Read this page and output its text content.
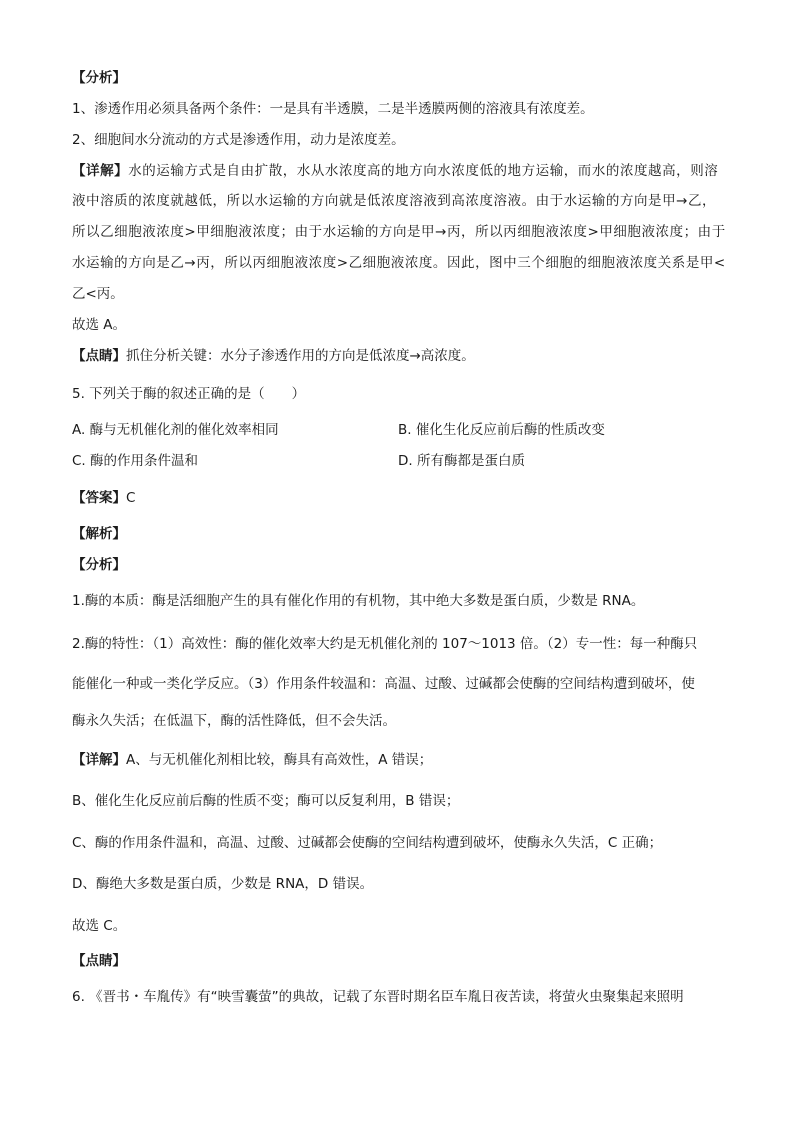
【分析】
1、渗透作用必须具备两个条件：一是具有半透膜，二是半透膜两侧的溶液具有浓度差。
2、细胞间水分流动的方式是渗透作用，动力是浓度差。
【详解】水的运输方式是自由扩散，水从水浓度高的地方向水浓度低的地方运输，而水的浓度越高，则溶
液中溶质的浓度就越低，所以水运输的方向就是低浓度溶液到高浓度溶液。由于水运输的方向是甲→乙，
所以乙细胞液浓度>甲细胞液浓度；由于水运输的方向是甲→丙，所以丙细胞液浓度>甲细胞液浓度；由于
水运输的方向是乙→丙，所以丙细胞液浓度>乙细胞液浓度。因此，图中三个细胞的细胞液浓度关系是甲<
乙<丙。
故选 A。
【点睛】抓住分析关键：水分子渗透作用的方向是低浓度→高浓度。
5. 下列关于酶的叙述正确的是（　　）
A. 酶与无机催化剂的催化效率相同	B. 催化生化反应前后酶的性质改变
C. 酶的作用条件温和	D. 所有酶都是蛋白质
【答案】C
【解析】
【分析】
1.酶的本质：酶是活细胞产生的具有催化作用的有机物，其中绝大多数是蛋白质，少数是 RNA。
2.酶的特性：（1）高效性：酶的催化效率大约是无机催化剂的 107～1013 倍。（2）专一性：每一种酶只
能催化一种或一类化学反应。（3）作用条件较温和：高温、过酸、过碱都会使酶的空间结构遭到破坏，使
酶永久失活；在低温下，酶的活性降低，但不会失活。
【详解】A、与无机催化剂相比较，酶具有高效性，A 错误；
B、催化生化反应前后酶的性质不变；酶可以反复利用，B 错误；
C、酶的作用条件温和，高温、过酸、过碱都会使酶的空间结构遭到破坏，使酶永久失活，C 正确；
D、酶绝大多数是蛋白质，少数是 RNA，D 错误。
故选 C。
【点睛】
6. 《晋书・车胤传》有“映雪囊萤”的典故，记载了东晋时期名臣车胤日夜苦读，将萤火虫聚集起来照明
